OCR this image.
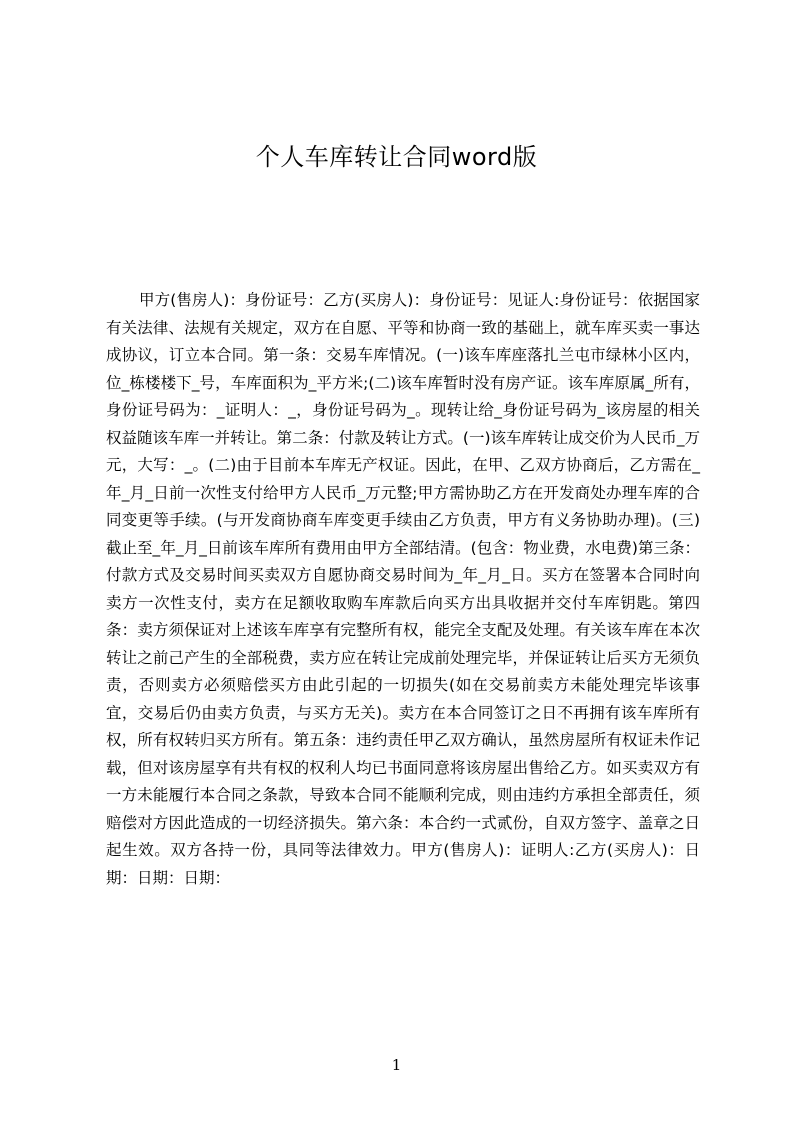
个人车库转让合同word版

甲方(售房人)：身份证号：乙方(买房人)：身份证号：见证人:身份证号：依据国家有关法律、法规有关规定，双方在自愿、平等和协商一致的基础上，就车库买卖一事达成协议，订立本合同。第一条：交易车库情况。(一)该车库座落扎兰屯市绿林小区内，位_栋楼楼下_号，车库面积为_平方米;(二)该车库暂时没有房产证。该车库原属_所有，身份证号码为：_证明人：_，身份证号码为_。现转让给_身份证号码为_该房屋的相关权益随该车库一并转让。第二条：付款及转让方式。(一)该车库转让成交价为人民币_万元，大写：_。(二)由于目前本车库无产权证。因此，在甲、乙双方协商后，乙方需在_年_月_日前一次性支付给甲方人民币_万元整;甲方需协助乙方在开发商处办理车库的合同变更等手续。(与开发商协商车库变更手续由乙方负责，甲方有义务协助办理)。(三)截止至_年_月_日前该车库所有费用由甲方全部结清。(包含：物业费，水电费)第三条：付款方式及交易时间买卖双方自愿协商交易时间为_年_月_日。买方在签署本合同时向卖方一次性支付，卖方在足额收取购车库款后向买方出具收据并交付车库钥匙。第四条：卖方须保证对上述该车库享有完整所有权，能完全支配及处理。有关该车库在本次转让之前己产生的全部税费，卖方应在转让完成前处理完毕，并保证转让后买方无须负责，否则卖方必须赔偿买方由此引起的一切损失(如在交易前卖方未能处理完毕该事宜，交易后仍由卖方负责，与买方无关)。卖方在本合同签订之日不再拥有该车库所有权，所有权转归买方所有。第五条：违约责任甲乙双方确认，虽然房屋所有权证未作记载，但对该房屋享有共有权的权利人均已书面同意将该房屋出售给乙方。如买卖双方有一方未能履行本合同之条款，导致本合同不能顺利完成，则由违约方承担全部责任，须赔偿对方因此造成的一切经济损失。第六条：本合约一式贰份，自双方签字、盖章之日起生效。双方各持一份，具同等法律效力。甲方(售房人)：证明人:乙方(买房人)：日期：日期：日期：

1
